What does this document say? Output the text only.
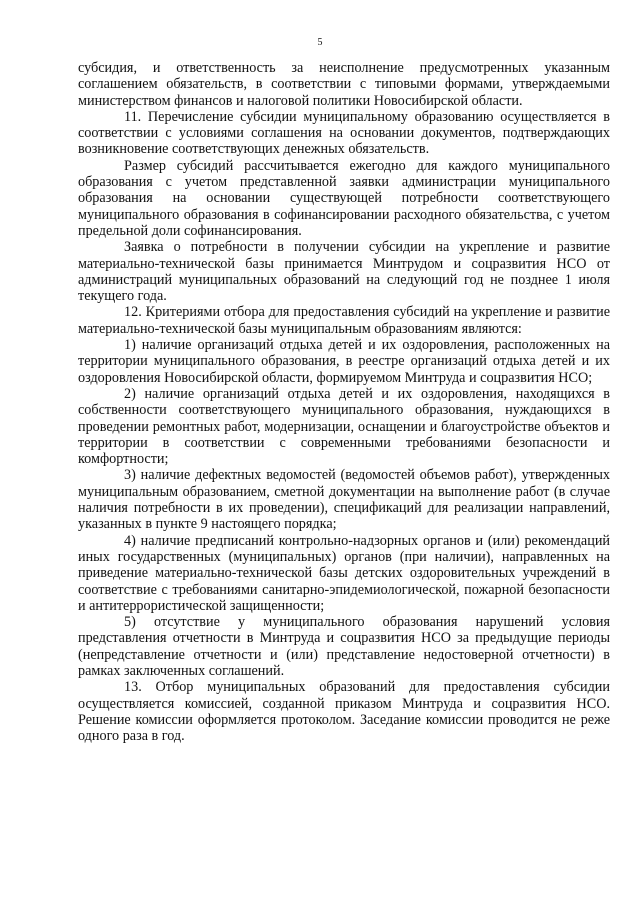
5

субсидия, и ответственность за неисполнение предусмотренных указанным соглашением обязательств, в соответствии с типовыми формами, утверждаемыми министерством финансов и налоговой политики Новосибирской области.

11. Перечисление субсидии муниципальному образованию осуществляется в соответствии с условиями соглашения на основании документов, подтверждающих возникновение соответствующих денежных обязательств.

Размер субсидий рассчитывается ежегодно для каждого муниципального образования с учетом представленной заявки администрации муниципального образования на основании существующей потребности соответствующего муниципального образования в софинансировании расходного обязательства, с учетом предельной доли софинансирования.

Заявка о потребности в получении субсидии на укрепление и развитие материально-технической базы принимается Минтрудом и соцразвития НСО от администраций муниципальных образований на следующий год не позднее 1 июля текущего года.

12. Критериями отбора для предоставления субсидий на укрепление и развитие материально-технической базы муниципальным образованиям являются:

1) наличие организаций отдыха детей и их оздоровления, расположенных на территории муниципального образования, в реестре организаций отдыха детей и их оздоровления Новосибирской области, формируемом Минтруда и соцразвития НСО;

2) наличие организаций отдыха детей и их оздоровления, находящихся в собственности соответствующего муниципального образования, нуждающихся в проведении ремонтных работ, модернизации, оснащении и благоустройстве объектов и территории в соответствии с современными требованиями безопасности и комфортности;

3) наличие дефектных ведомостей (ведомостей объемов работ), утвержденных муниципальным образованием, сметной документации на выполнение работ (в случае наличия потребности в их проведении), спецификаций для реализации направлений, указанных в пункте 9 настоящего порядка;

4) наличие предписаний контрольно-надзорных органов и (или) рекомендаций иных государственных (муниципальных) органов (при наличии), направленных на приведение материально-технической базы детских оздоровительных учреждений в соответствие с требованиями санитарно-эпидемиологической, пожарной безопасности и антитеррористической защищенности;

5) отсутствие у муниципального образования нарушений условия представления отчетности в Минтруда и соцразвития НСО за предыдущие периоды (непредставление отчетности и (или) представление недостоверной отчетности) в рамках заключенных соглашений.

13. Отбор муниципальных образований для предоставления субсидии осуществляется комиссией, созданной приказом Минтруда и соцразвития НСО. Решение комиссии оформляется протоколом. Заседание комиссии проводится не реже одного раза в год.
